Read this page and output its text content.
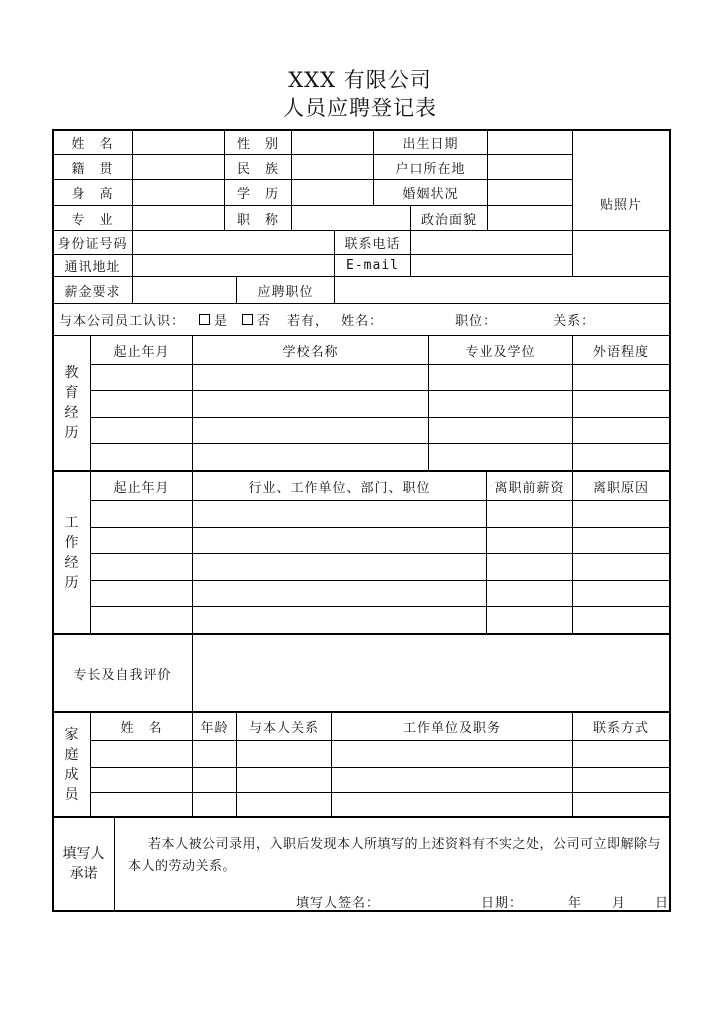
XXX 有限公司
人员应聘登记表
姓　名	性　别	出生日期
籍　贯	民　族	户口所在地
身　高	学　历	婚姻状况
专　业	职　称	政治面貌
贴照片
身份证号码	联系电话
通讯地址	E-mail
薪金要求	应聘职位
与本公司员工认识： 是 否 若有， 姓名：	职位：	关系：
教
育
经
历
起止年月	学校名称	专业及学位	外语程度
工
作
经
历
起止年月	行业、工作单位、部门、职位	离职前薪资	离职原因
专长及自我评价
家
庭
成
员
姓　名	年龄	与本人关系	工作单位及职务	联系方式
填写人
承诺
若本人被公司录用，入职后发现本人所填写的上述资料有不实之处，公司可立即解除与本人的劳动关系。
填写人签名：	日期：	年 月 日
